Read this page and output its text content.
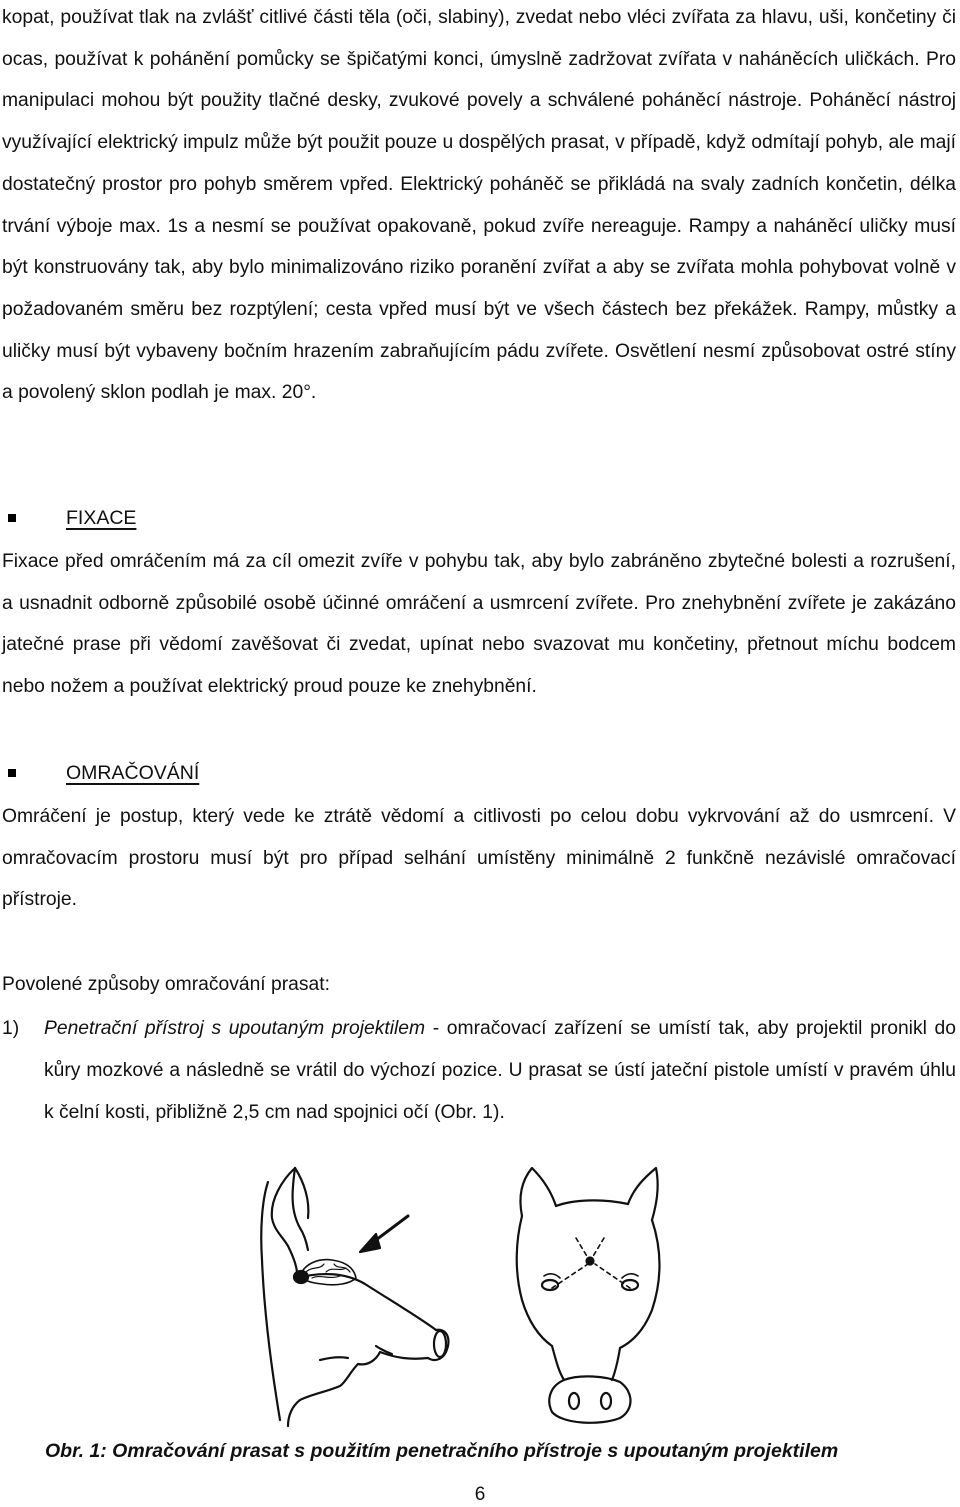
kopat, používat tlak na zvlášť citlivé části těla (oči, slabiny), zvedat nebo vléci zvířata za hlavu, uši, končetiny či ocas, používat k pohánění pomůcky se špičatými konci, úmyslně zadržovat zvířata v naháněcích uličkách. Pro manipulaci mohou být použity tlačné desky, zvukové povely a schválené poháněcí nástroje. Poháněcí nástroj využívající elektrický impulz může být použit pouze u dospělých prasat, v případě, když odmítají pohyb, ale mají dostatečný prostor pro pohyb směrem vpřed. Elektrický poháněč se přikládá na svaly zadních končetin, délka trvání výboje max. 1s a nesmí se používat opakovaně, pokud zvíře nereaguje. Rampy a naháněcí uličky musí být konstruovány tak, aby bylo minimalizováno riziko poranění zvířat a aby se zvířata mohla pohybovat volně v požadovaném směru bez rozptýlení; cesta vpřed musí být ve všech částech bez překážek. Rampy, můstky a uličky musí být vybaveny bočním hrazením zabraňujícím pádu zvířete. Osvětlení nesmí způsobovat ostré stíny a povolený sklon podlah je max. 20°.

FIXACE

Fixace před omráčením má za cíl omezit zvíře v pohybu tak, aby bylo zabráněno zbytečné bolesti a rozrušení, a usnadnit odborně způsobilé osobě účinné omráčení a usmrcení zvířete. Pro znehybnění zvířete je zakázáno jatečné prase při vědomí zavěšovat či zvedat, upínat nebo svazovat mu končetiny, přetnout míchu bodcem nebo nožem a používat elektrický proud pouze ke znehybnění.

OMRAČOVÁNÍ

Omráčení je postup, který vede ke ztrátě vědomí a citlivosti po celou dobu vykrvování až do usmrcení. V omračovacím prostoru musí být pro případ selhání umístěny minimálně 2 funkčně nezávislé omračovací přístroje.

Povolené způsoby omračování prasat:

1) Penetrační přístroj s upoutaným projektilem - omračovací zařízení se umístí tak, aby projektil pronikl do kůry mozkové a následně se vrátil do výchozí pozice. U prasat se ústí jateční pistole umístí v pravém úhlu k čelní kosti, přibližně 2,5 cm nad spojnici očí (Obr. 1).
Obr. 1: Omračování prasat s použitím penetračního přístroje s upoutaným projektilem
6
